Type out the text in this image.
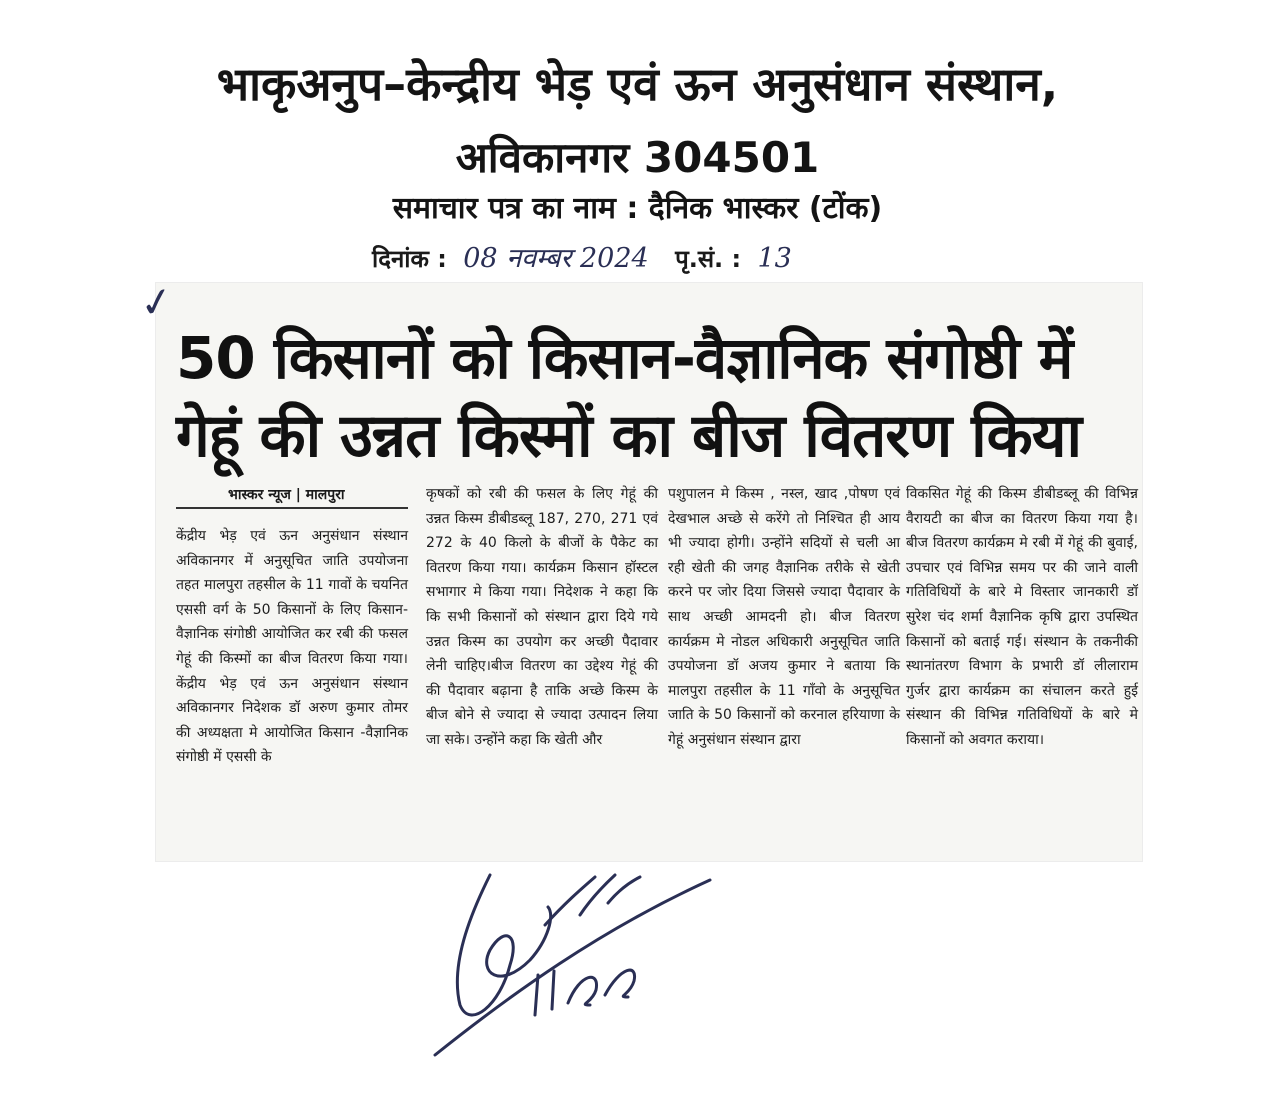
भाकृअनुप–केन्द्रीय भेड़ एवं ऊन अनुसंधान संस्थान,
अविकानगर 304501
समाचार पत्र का नाम : दैनिक भास्कर (टोंक)
दिनांक : 08 नवम्बर 2024 पृ.सं. : 13
✓
50 किसानों को किसान-वैज्ञानिक संगोष्ठी में
गेहूं की उन्नत किस्मों का बीज वितरण किया
भास्कर न्यूज | मालपुरा
केंद्रीय भेड़ एवं ऊन अनुसंधान संस्थान अविकानगर में अनुसूचित जाति उपयोजना तहत मालपुरा तहसील के 11 गावों के चयनित एससी वर्ग के 50 किसानों के लिए किसान-वैज्ञानिक संगोष्ठी आयोजित कर रबी की फसल गेहूं की किस्मों का बीज वितरण किया गया। केंद्रीय भेड़ एवं ऊन अनुसंधान संस्थान अविकानगर निदेशक डॉ अरुण कुमार तोमर की अध्यक्षता मे आयोजित किसान -वैज्ञानिक संगोष्ठी में एससी के
कृषकों को रबी की फसल के लिए गेहूं की उन्नत किस्म डीबीडब्लू 187, 270, 271 एवं 272 के 40 किलो के बीजों के पैकेट का वितरण किया गया। कार्यक्रम किसान हॉस्टल सभागार मे किया गया। निदेशक ने कहा कि कि सभी किसानों को संस्थान द्वारा दिये गये उन्नत किस्म का उपयोग कर अच्छी पैदावार लेनी चाहिए।बीज वितरण का उद्देश्य गेहूं की की पैदावार बढ़ाना है ताकि अच्छे किस्म के बीज बोने से ज्यादा से ज्यादा उत्पादन लिया जा सके। उन्होंने कहा कि खेती और
पशुपालन मे किस्म , नस्ल, खाद ,पोषण एवं देखभाल अच्छे से करेंगे तो निश्चित ही आय भी ज्यादा होगी। उन्होंने सदियों से चली आ रही खेती की जगह वैज्ञानिक तरीके से खेती करने पर जोर दिया जिससे ज्यादा पैदावार के साथ अच्छी आमदनी हो। बीज वितरण कार्यक्रम मे नोडल अधिकारी अनुसूचित जाति उपयोजना डॉ अजय कुमार ने बताया कि मालपुरा तहसील के 11 गाँवो के अनुसूचित जाति के 50 किसानों को करनाल हरियाणा के गेहूं अनुसंधान संस्थान द्वारा
विकसित गेहूं की किस्म डीबीडब्लू की विभिन्न वैरायटी का बीज का वितरण किया गया है। बीज वितरण कार्यक्रम मे रबी में गेहूं की बुवाई, उपचार एवं विभिन्न समय पर की जाने वाली गतिविधियों के बारे मे विस्तार जानकारी डॉ सुरेश चंद शर्मा वैज्ञानिक कृषि द्वारा उपस्थित किसानों को बताई गई। संस्थान के तकनीकी स्थानांतरण विभाग के प्रभारी डॉ लीलाराम गुर्जर द्वारा कार्यक्रम का संचालन करते हुई संस्थान की विभिन्न गतिविधियों के बारे मे किसानों को अवगत कराया।
